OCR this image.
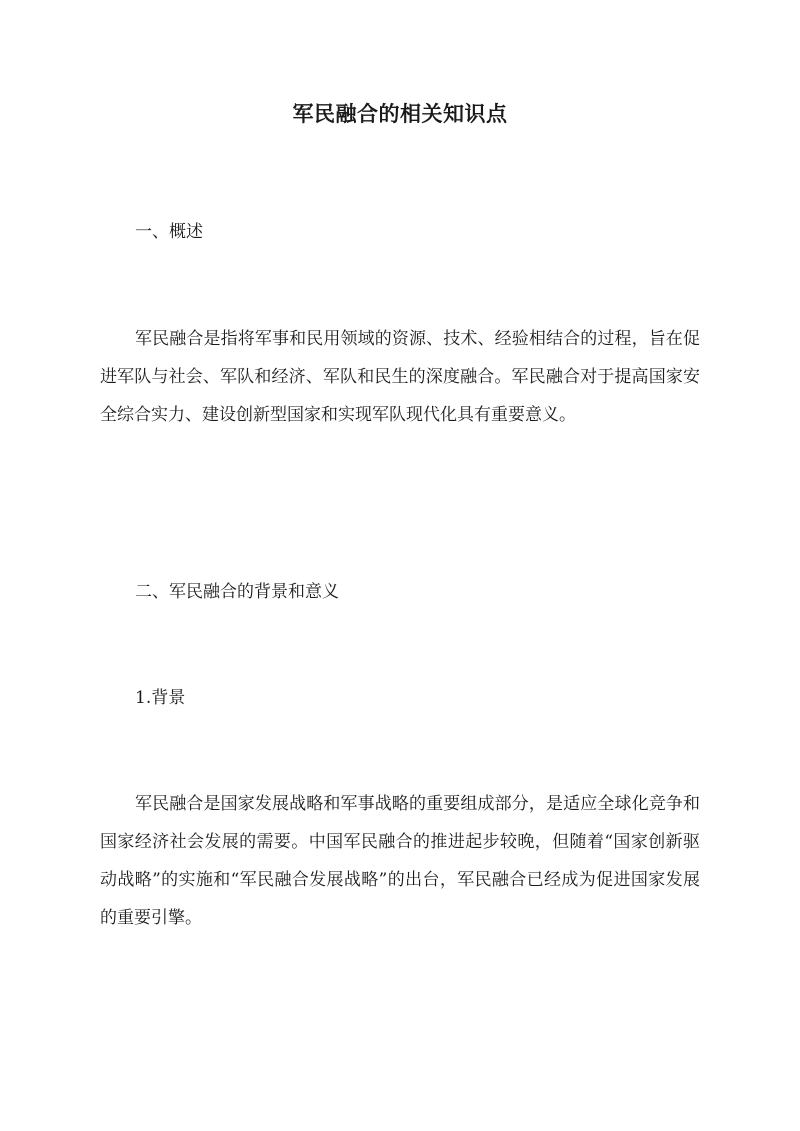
军民融合的相关知识点

一、概述

军民融合是指将军事和民用领域的资源、技术、经验相结合的过程，旨在促进军队与社会、军队和经济、军队和民生的深度融合。军民融合对于提高国家安全综合实力、建设创新型国家和实现军队现代化具有重要意义。

二、军民融合的背景和意义

1.背景

军民融合是国家发展战略和军事战略的重要组成部分，是适应全球化竞争和国家经济社会发展的需要。中国军民融合的推进起步较晚，但随着“国家创新驱动战略”的实施和“军民融合发展战略”的出台，军民融合已经成为促进国家发展的重要引擎。
